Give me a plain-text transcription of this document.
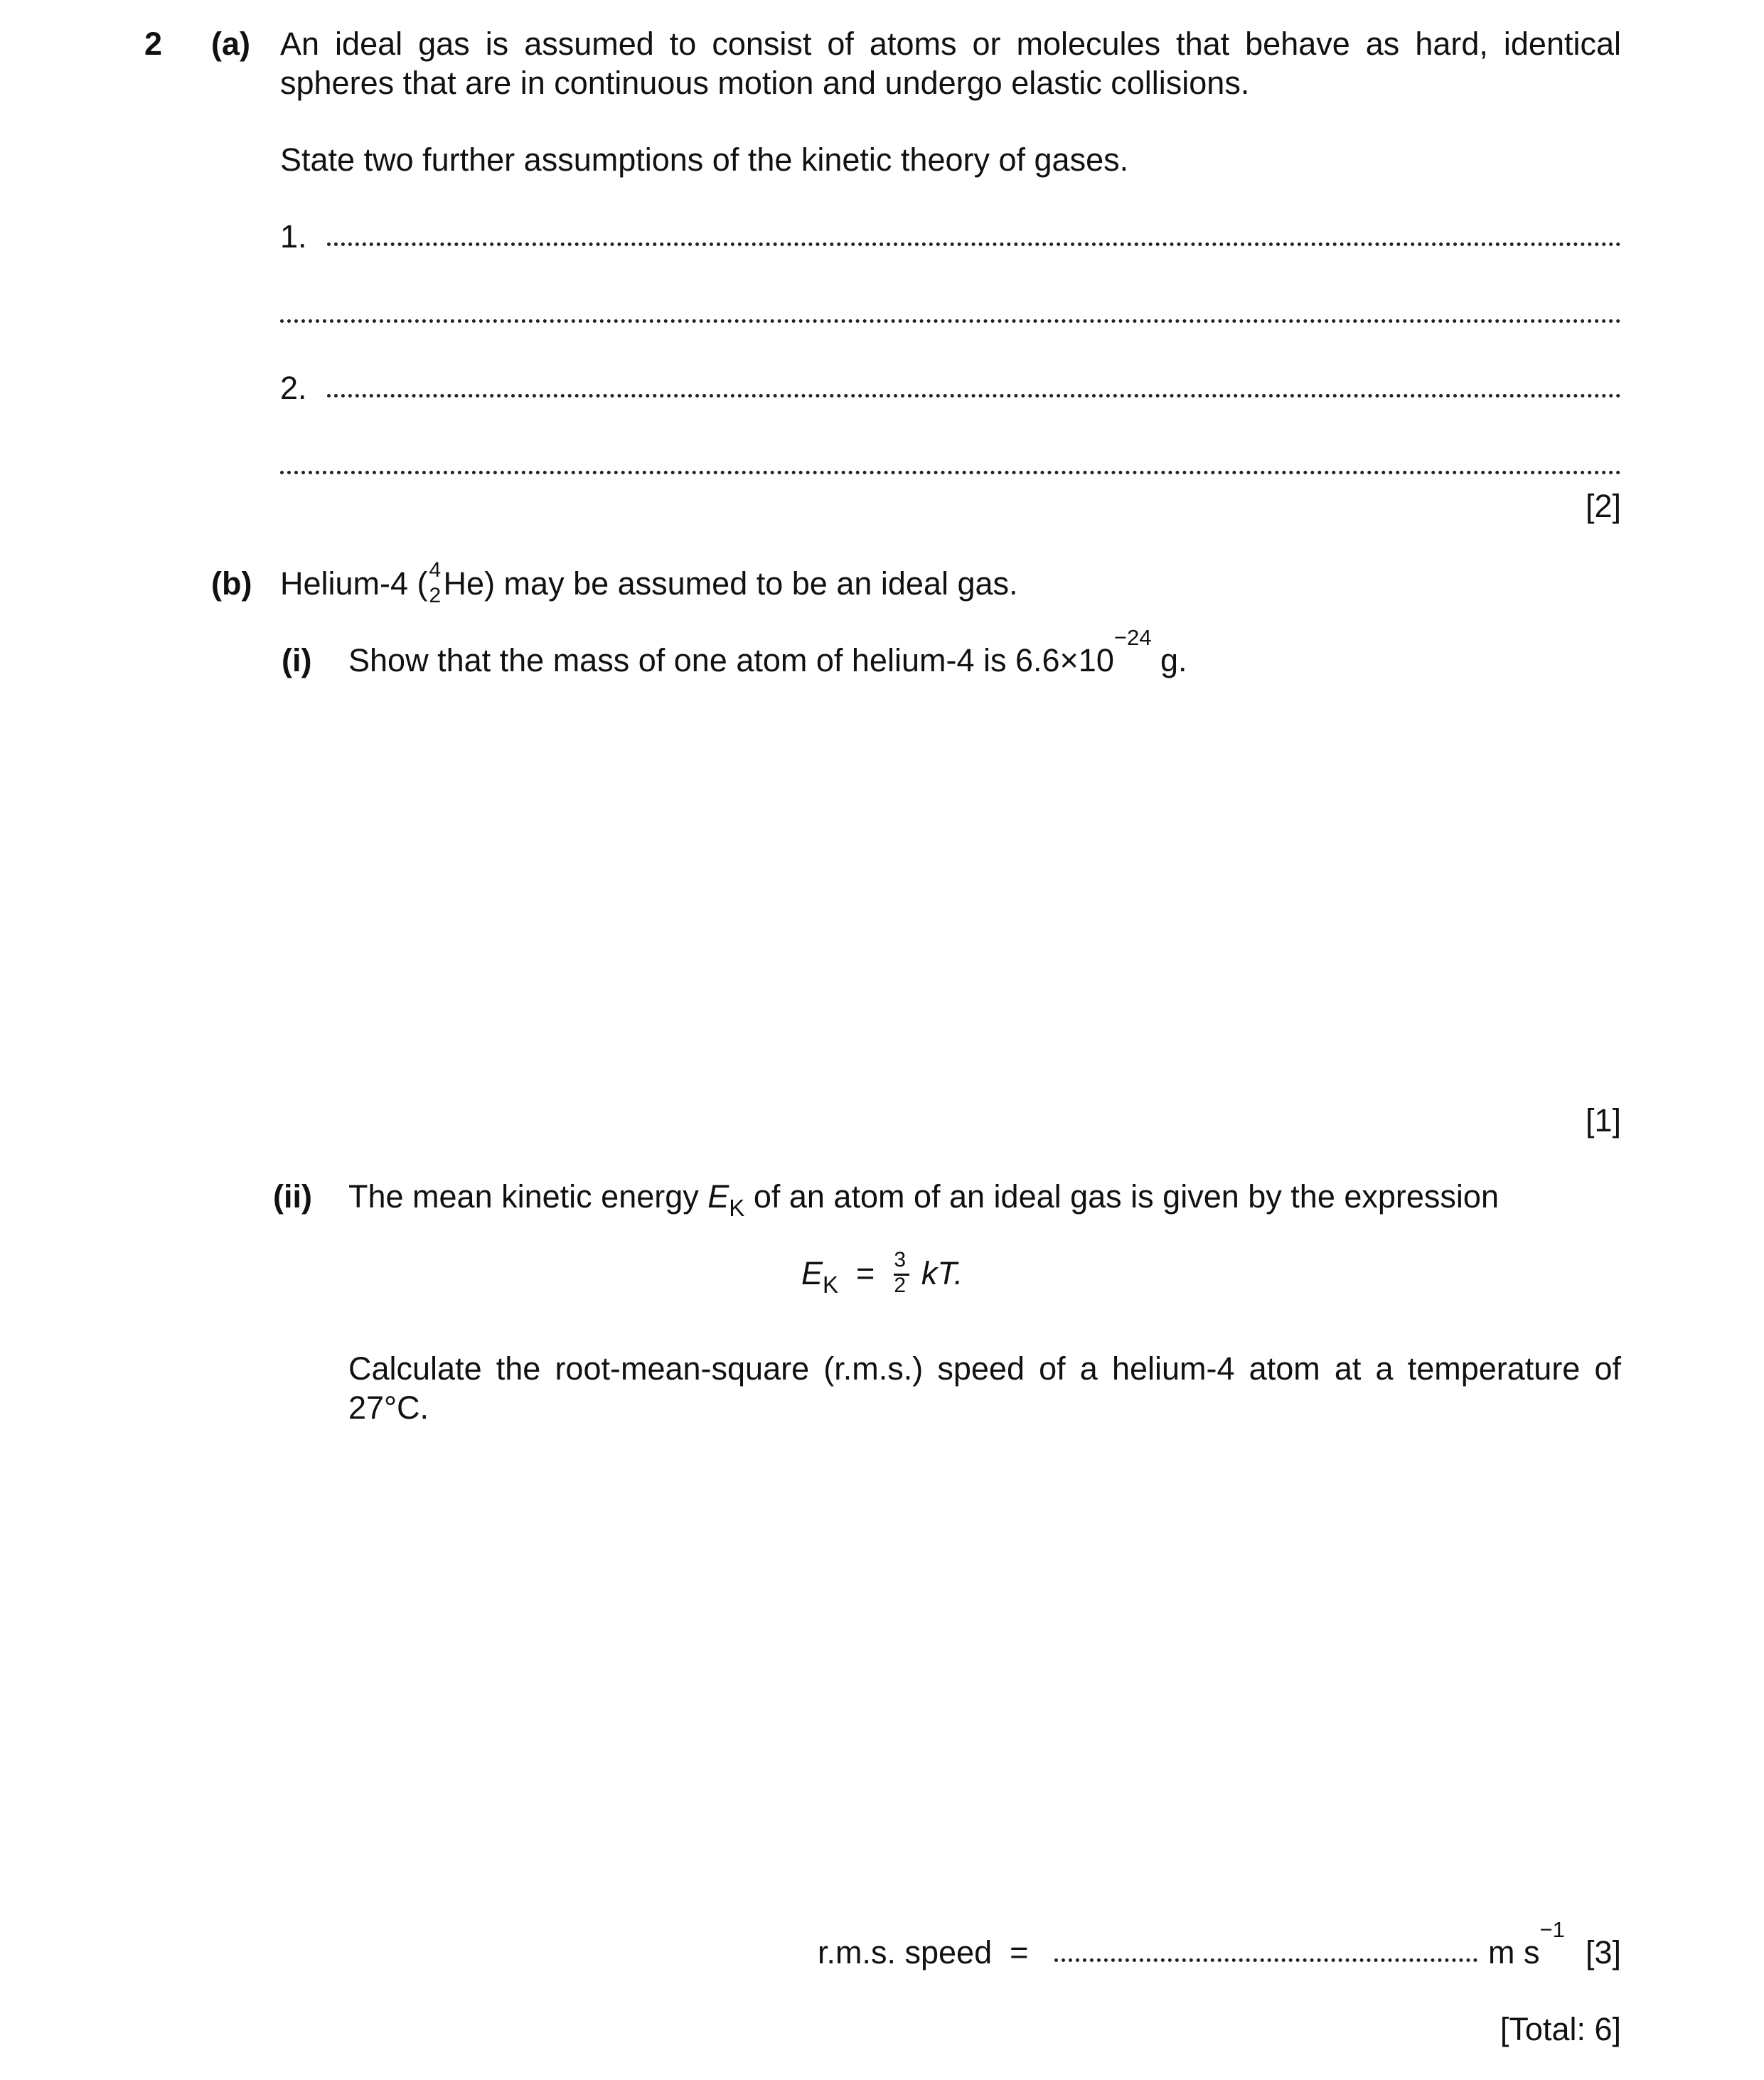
2 (a) An ideal gas is assumed to consist of atoms or molecules that behave as hard, identical
spheres that are in continuous motion and undergo elastic collisions.
State two further assumptions of the kinetic theory of gases.
1.
2.
[2]
(b) Helium-4 ( 4
2 He) may be assumed to be an ideal gas.
(i) Show that the mass of one atom of helium-4 is $6.6\times 10^{-24}$ g.
[1]
(ii) The mean kinetic energy $E_K$ of an atom of an ideal gas is given by the expression
$E_K = \frac{3}{2}$ kT.
Calculate the root-mean-square (r.m.s.) speed of a helium-4 atom at a temperature of
27°C.
r.m.s. speed  =	m $s^{-1}$
[3]
[Total: 6]
